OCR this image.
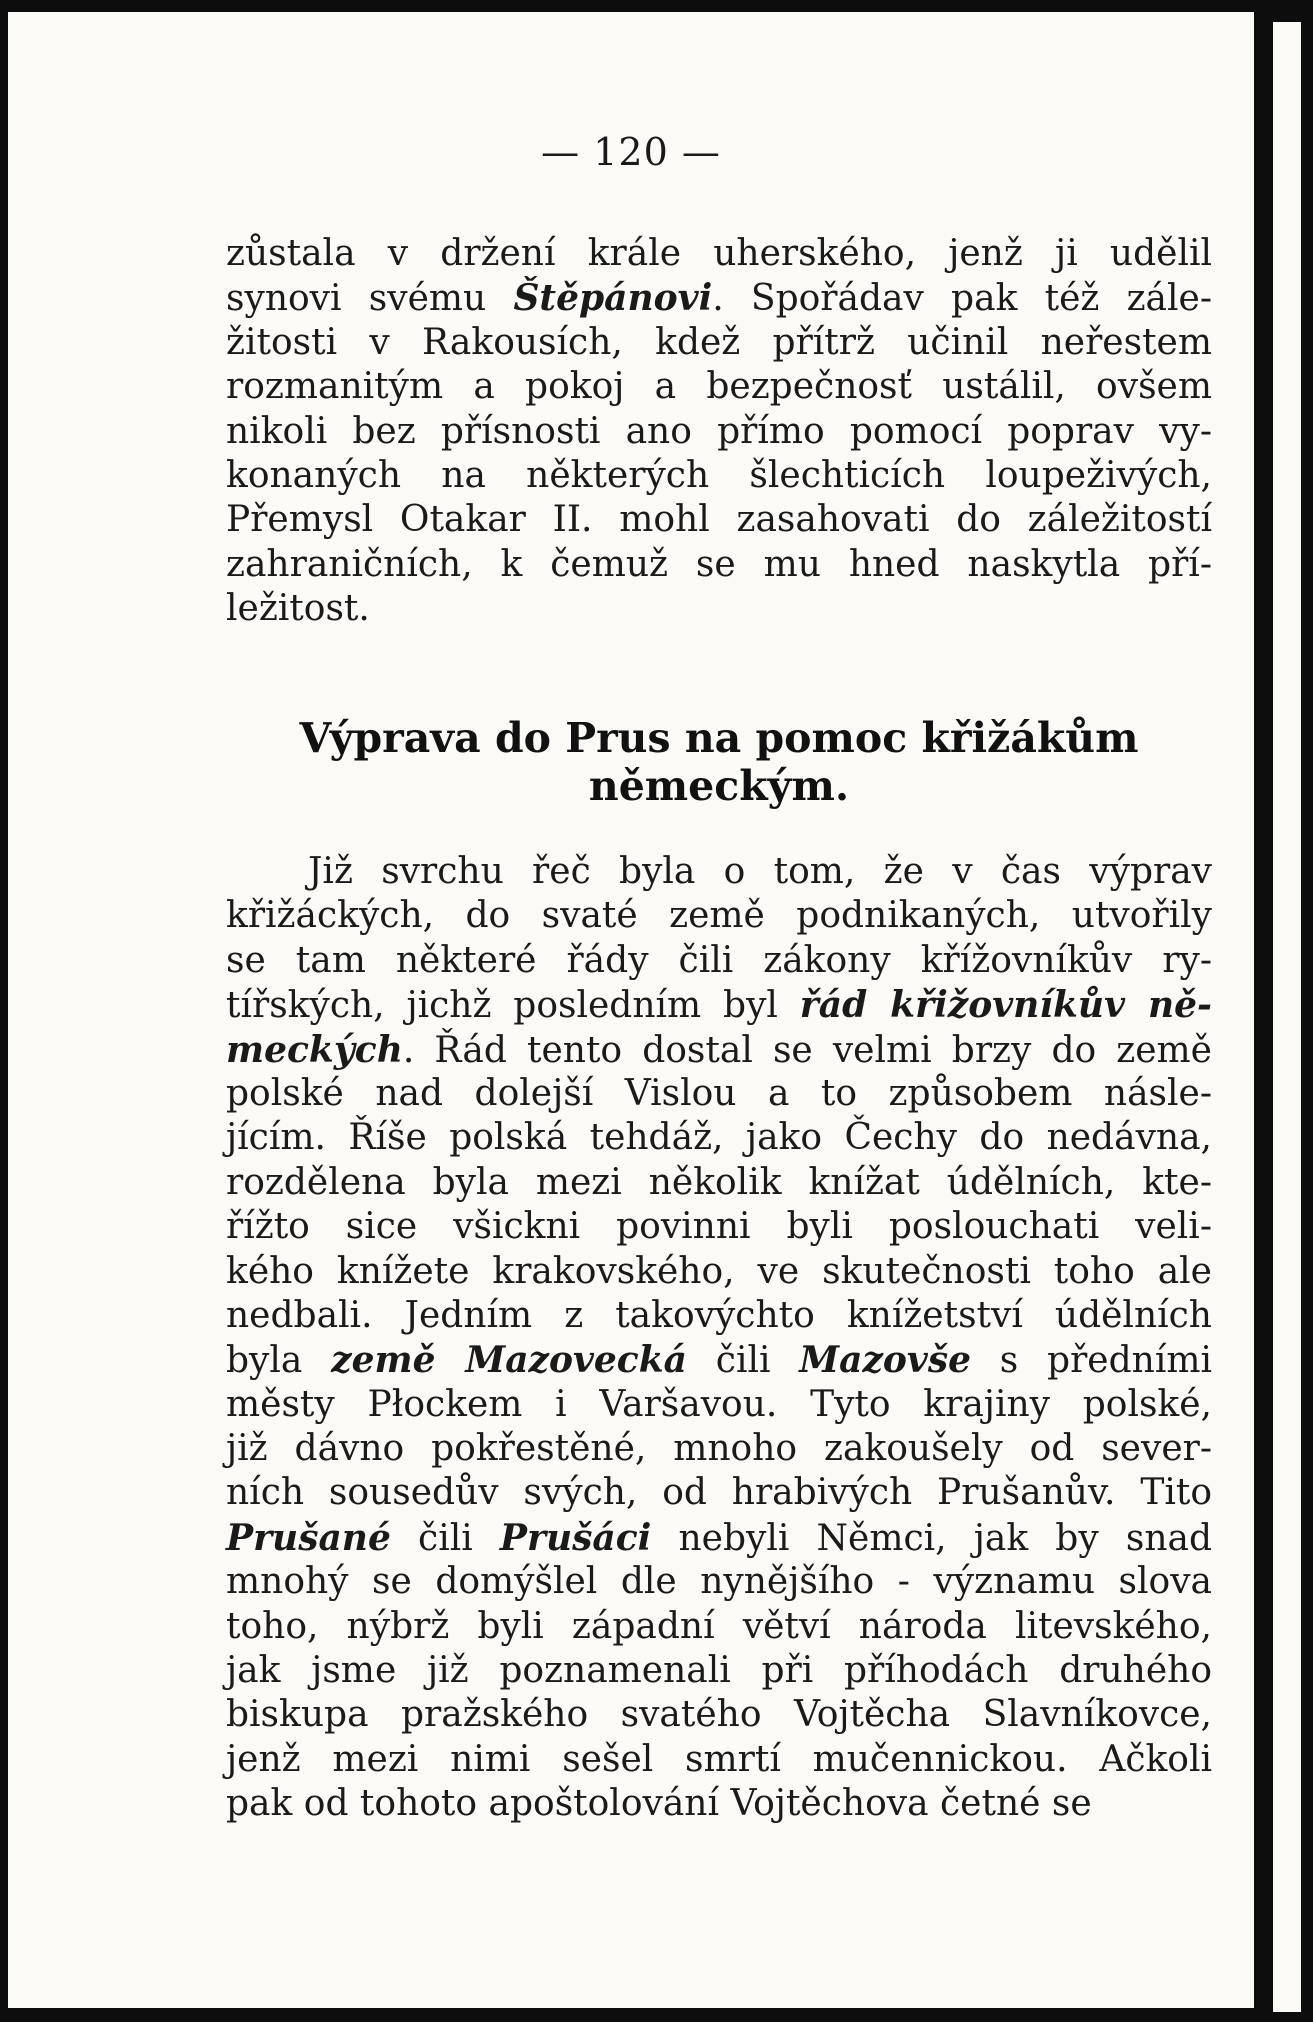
— 120 —
zůstala v držení krále uherského, jenž ji udělil
synovi svému Štěpánovi. Spořádav pak též zále-
žitosti v Rakousích, kdež přítrž učinil neřestem
rozmanitým a pokoj a bezpečnosť ustálil, ovšem
nikoli bez přísnosti ano přímo pomocí poprav vy-
konaných na některých šlechticích loupeživých,
Přemysl Otakar II. mohl zasahovati do záležitostí
zahraničních, k čemuž se mu hned naskytla pří-
ležitost.
Výprava do Prus na pomoc křižákům
německým.
Již svrchu řeč byla o tom, že v čas výprav
křižáckých, do svaté země podnikaných, utvořily
se tam některé řády čili zákony křížovníkův ry-
tířských, jichž posledním byl řád křižovníkův ně-
meckých. Řád tento dostal se velmi brzy do země
polské nad dolejší Vislou a to způsobem násle-
jícím. Říše polská tehdáž, jako Čechy do nedávna,
rozdělena byla mezi několik knížat údělních, kte-
řížto sice všickni povinni byli poslouchati veli-
kého knížete krakovského, ve skutečnosti toho ale
nedbali. Jedním z takovýchto knížetství údělních
byla země Mazovecká čili Mazovše s předními
městy Płockem i Varšavou. Tyto krajiny polské,
již dávno pokřestěné, mnoho zakoušely od sever-
ních sousedův svých, od hrabivých Prušanův. Tito
Prušané čili Prušáci nebyli Němci, jak by snad
mnohý se domýšlel dle nynějšího - významu slova
toho, nýbrž byli západní větví národa litevského,
jak jsme již poznamenali při příhodách druhého
biskupa pražského svatého Vojtěcha Slavníkovce,
jenž mezi nimi sešel smrtí mučennickou. Ačkoli
pak od tohoto apoštolování Vojtěchova četné se
